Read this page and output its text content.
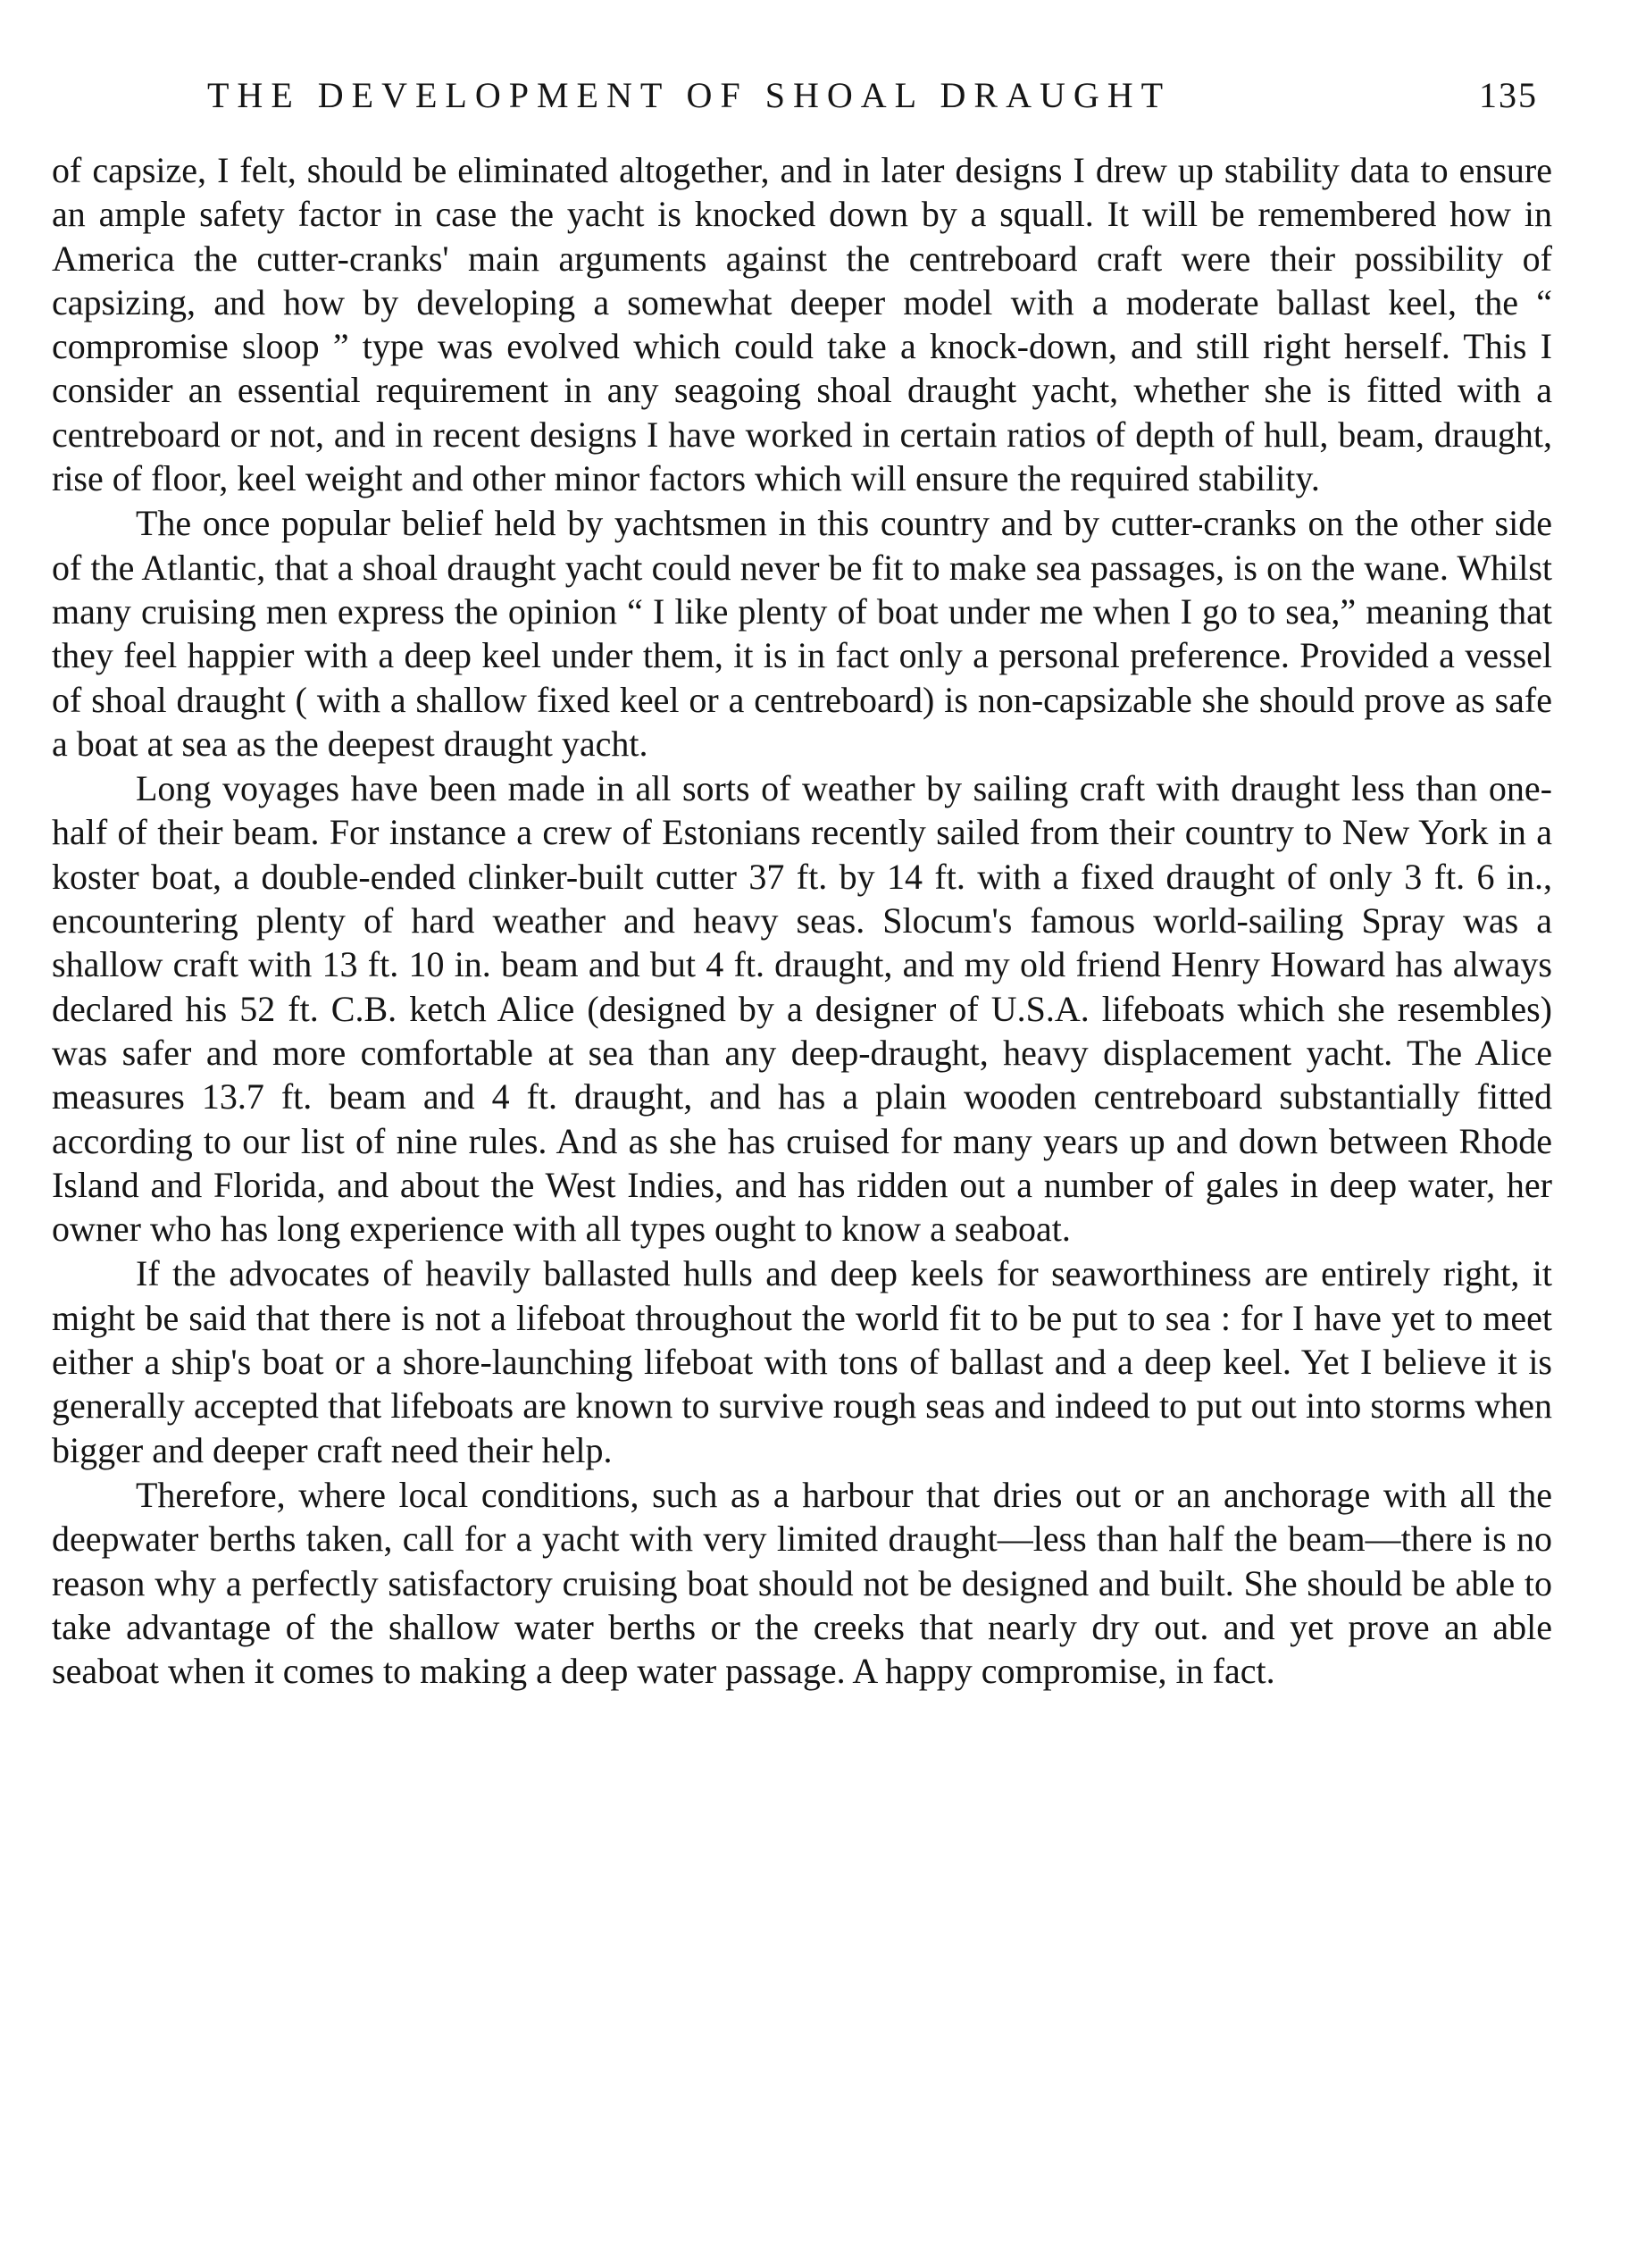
THE DEVELOPMENT OF SHOAL DRAUGHT	135

of capsize, I felt, should be eliminated altogether, and in later designs I drew up stability data to ensure an ample safety factor in case the yacht is knocked down by a squall. It will be remembered how in America the cutter-cranks' main arguments against the centreboard craft were their possibility of capsizing, and how by developing a somewhat deeper model with a moderate ballast keel, the “ compromise sloop ” type was evolved which could take a knock-down, and still right herself. This I consider an essential requirement in any seagoing shoal draught yacht, whether she is fitted with a centreboard or not, and in recent designs I have worked in certain ratios of depth of hull, beam, draught, rise of floor, keel weight and other minor factors which will ensure the required stability.

The once popular belief held by yachtsmen in this country and by cutter-cranks on the other side of the Atlantic, that a shoal draught yacht could never be fit to make sea passages, is on the wane. Whilst many cruising men express the opinion “ I like plenty of boat under me when I go to sea,” meaning that they feel happier with a deep keel under them, it is in fact only a personal preference. Provided a vessel of shoal draught ( with a shallow fixed keel or a centreboard) is non-capsizable she should prove as safe a boat at sea as the deepest draught yacht.

Long voyages have been made in all sorts of weather by sailing craft with draught less than one-half of their beam. For instance a crew of Estonians recently sailed from their country to New York in a koster boat, a double-ended clinker-built cutter 37 ft. by 14 ft. with a fixed draught of only 3 ft. 6 in., encountering plenty of hard weather and heavy seas. Slocum's famous world-sailing Spray was a shallow craft with 13 ft. 10 in. beam and but 4 ft. draught, and my old friend Henry Howard has always declared his 52 ft. C.B. ketch Alice (designed by a designer of U.S.A. lifeboats which she resembles) was safer and more comfortable at sea than any deep-draught, heavy displacement yacht. The Alice measures 13.7 ft. beam and 4 ft. draught, and has a plain wooden centreboard substantially fitted according to our list of nine rules. And as she has cruised for many years up and down between Rhode Island and Florida, and about the West Indies, and has ridden out a number of gales in deep water, her owner who has long experience with all types ought to know a seaboat.

If the advocates of heavily ballasted hulls and deep keels for seaworthiness are entirely right, it might be said that there is not a lifeboat throughout the world fit to be put to sea : for I have yet to meet either a ship's boat or a shore-launching lifeboat with tons of ballast and a deep keel. Yet I believe it is generally accepted that lifeboats are known to survive rough seas and indeed to put out into storms when bigger and deeper craft need their help.

Therefore, where local conditions, such as a harbour that dries out or an anchorage with all the deepwater berths taken, call for a yacht with very limited draught—less than half the beam—there is no reason why a perfectly satisfactory cruising boat should not be designed and built. She should be able to take advantage of the shallow water berths or the creeks that nearly dry out. and yet prove an able seaboat when it comes to making a deep water passage. A happy compromise, in fact.
